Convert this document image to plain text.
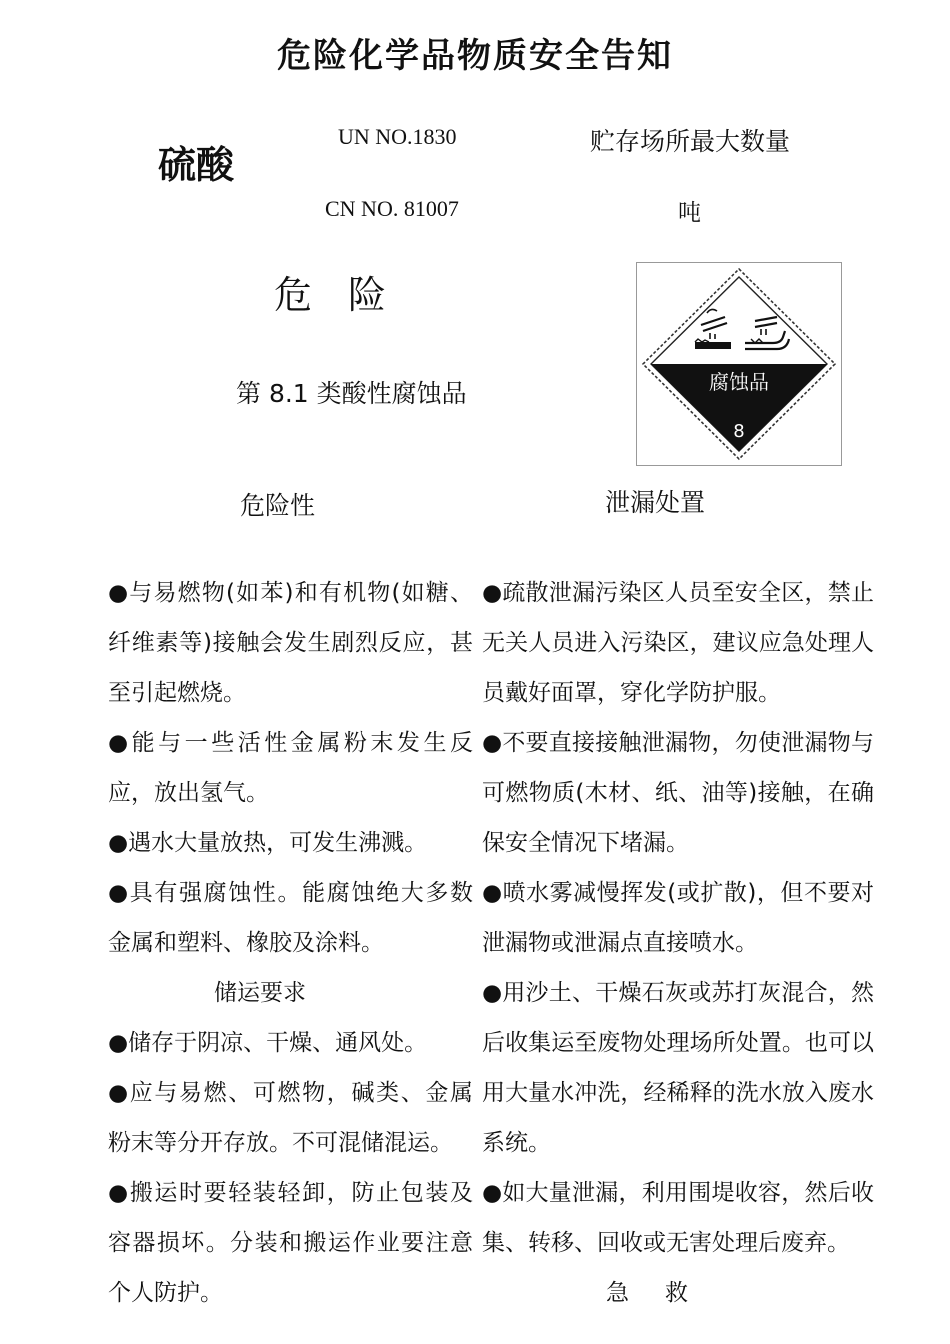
危险化学品物质安全告知
硫酸
UN NO.1830
CN NO. 81007
贮存场所最大数量
吨
危险
第 8.1 类酸性腐蚀品	腐蚀品
8
危险性	泄漏处置

●与易燃物(如苯)和有机物(如糖、纤维素等)接触会发生剧烈反应，甚至引起燃烧。

●能与一些活性金属粉末发生反应，放出氢气。

●遇水大量放热，可发生沸溅。

●具有强腐蚀性。能腐蚀绝大多数金属和塑料、橡胶及涂料。

储运要求

●储存于阴凉、干燥、通风处。

●应与易燃、可燃物，碱类、金属粉末等分开存放。不可混储混运。

●搬运时要轻装轻卸，防止包装及容器损坏。分装和搬运作业要注意个人防护。

●疏散泄漏污染区人员至安全区，禁止无关人员进入污染区，建议应急处理人员戴好面罩，穿化学防护服。

●不要直接接触泄漏物，勿使泄漏物与可燃物质(木材、纸、油等)接触，在确保安全情况下堵漏。

●喷水雾减慢挥发(或扩散)，但不要对泄漏物或泄漏点直接喷水。

●用沙土、干燥石灰或苏打灰混合，然后收集运至废物处理场所处置。也可以用大量水冲洗，经稀释的洗水放入废水系统。

●如大量泄漏，利用围堤收容，然后收集、转移、回收或无害处理后废弃。

急救
